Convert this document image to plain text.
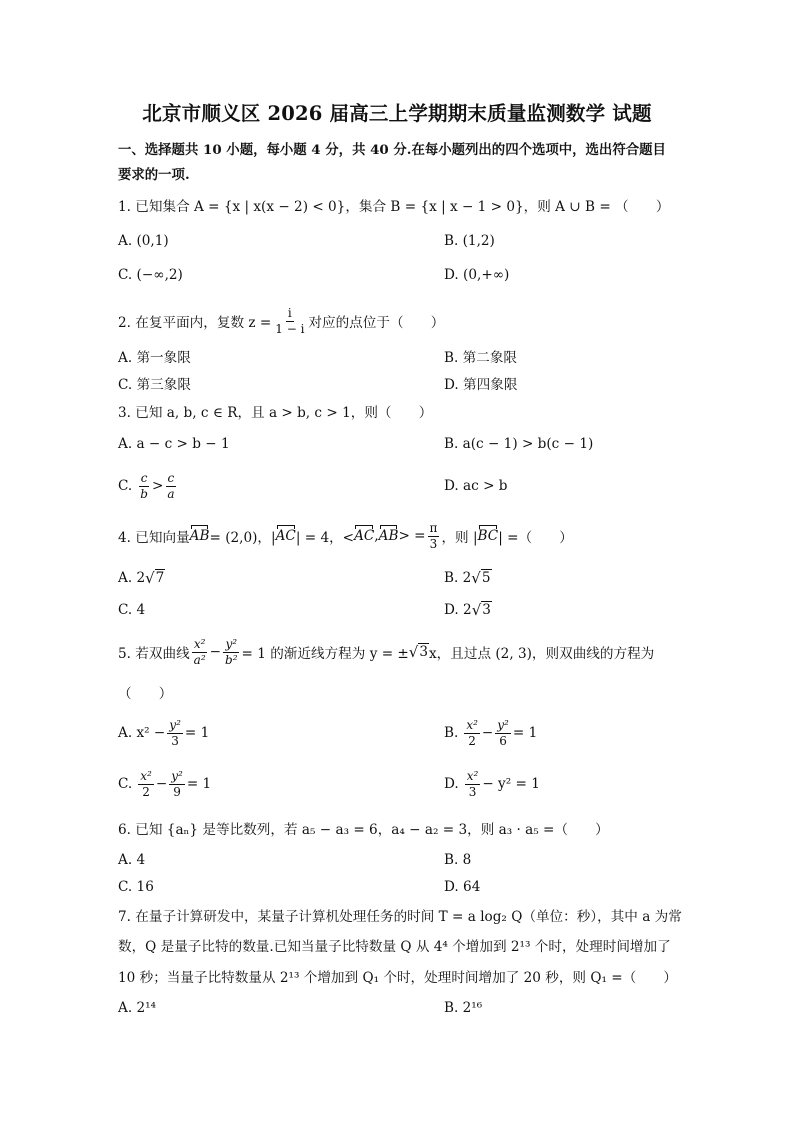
北京市顺义区 2026 届高三上学期期末质量监测数学 试题
一、选择题共 10 小题，每小题 4 分，共 40 分.在每小题列出的四个选项中，选出符合题目要求的一项.
1. 已知集合 A = {x | x(x − 2) < 0}，集合 B = {x | x − 1 > 0}，则 A ∪ B = （　　）
A. (0,1)	B. (1,2)
C. (−∞,2)	D. (0,+∞)
2. 在复平面内，复数 $z = \frac{i}{1 - i}$ 对应的点位于（　　）
A. 第一象限	B. 第二象限
C. 第三象限	D. 第四象限
3. 已知 a, b, c ∈ R，且 a > b, c > 1，则（　　）
A. a − c > b − 1	B. a(c − 1) > b(c − 1)
C. $\frac{c}{b} > \frac{c}{a}$	D. ac > b
4. 已知向量 AB = (2,0)，| AC | = 4，< AC , AB > = $\frac{\pi}{3}$ ，则 | BC | =（　　）
A. 2 √ 7	B. 2 √ 5
C. 4	D. 2 √ 3
5. 若双曲线 $\frac{\text{x²}}{\text{a²}} - \frac{\text{y²}}{\text{b²}} = 1$ 的渐近线方程为 y = ± √ 3 x，且过点 (2, 3)，则双曲线的方程为
（　　）
A. $x^2 - \frac{\text{y²}}{3} = 1$	B. $\frac{\text{x²}}{2} - \frac{\text{y²}}{6} = 1$
C. $\frac{\text{x²}}{2} - \frac{\text{y²}}{9} = 1$	D. $\frac{\text{x²}}{3} - y^2 = 1$
6. 已知 {aₙ} 是等比数列，若 a₅ − a₃ = 6，a₄ − a₂ = 3，则 a₃ · a₅ =（　　）
A. 4	B. 8
C. 16	D. 64
7. 在量子计算研发中，某量子计算机处理任务的时间 T = a log₂ Q（单位：秒），其中 a 为常
数，Q 是量子比特的数量.已知当量子比特数量 Q 从 4⁴ 个增加到 2¹³ 个时，处理时间增加了
10 秒；当量子比特数量从 2¹³ 个增加到 Q₁ 个时，处理时间增加了 20 秒，则 Q₁ =（　　）
A. 2¹⁴	B. 2¹⁶
